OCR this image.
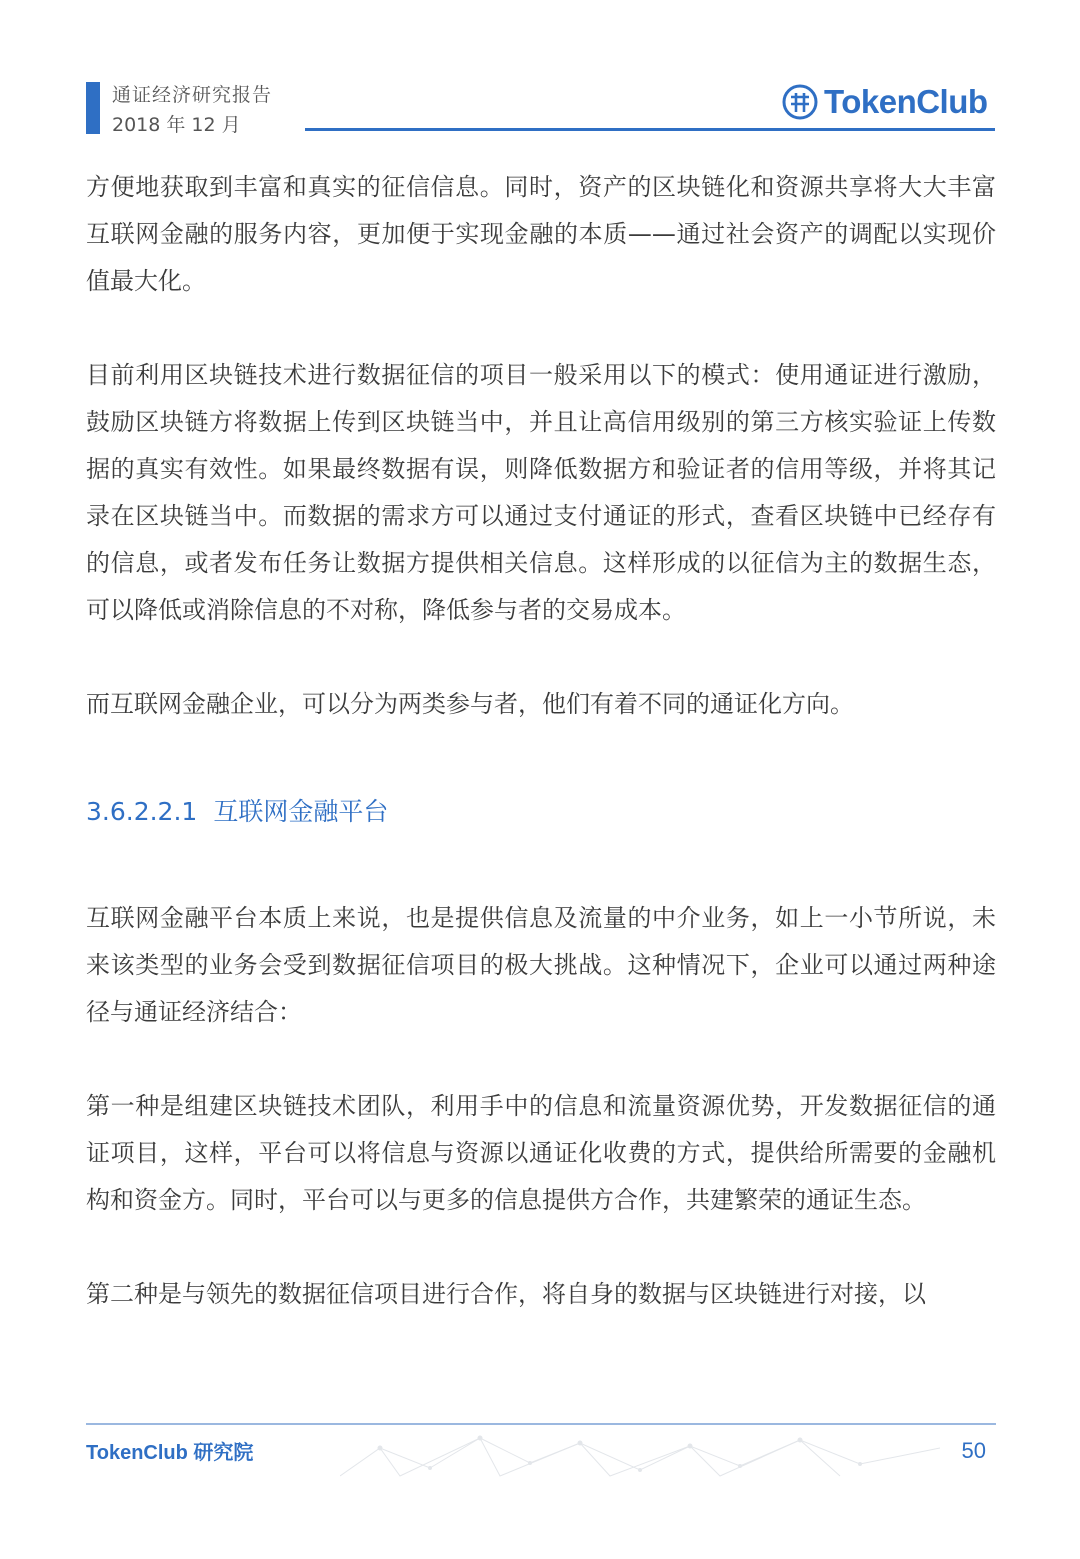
通证经济研究报告
2018 年 12 月
TokenClub

方便地获取到丰富和真实的征信信息。同时，资产的区块链化和资源共享将大大丰富互联网金融的服务内容，更加便于实现金融的本质——通过社会资产的调配以实现价值最大化。

目前利用区块链技术进行数据征信的项目一般采用以下的模式：使用通证进行激励，鼓励区块链方将数据上传到区块链当中，并且让高信用级别的第三方核实验证上传数据的真实有效性。如果最终数据有误，则降低数据方和验证者的信用等级，并将其记录在区块链当中。而数据的需求方可以通过支付通证的形式，查看区块链中已经存有的信息，或者发布任务让数据方提供相关信息。这样形成的以征信为主的数据生态，可以降低或消除信息的不对称，降低参与者的交易成本。

而互联网金融企业，可以分为两类参与者，他们有着不同的通证化方向。

3.6.2.2.1 互联网金融平台

互联网金融平台本质上来说，也是提供信息及流量的中介业务，如上一小节所说，未来该类型的业务会受到数据征信项目的极大挑战。这种情况下，企业可以通过两种途径与通证经济结合：

第一种是组建区块链技术团队，利用手中的信息和流量资源优势，开发数据征信的通证项目，这样，平台可以将信息与资源以通证化收费的方式，提供给所需要的金融机构和资金方。同时，平台可以与更多的信息提供方合作，共建繁荣的通证生态。

第二种是与领先的数据征信项目进行合作，将自身的数据与区块链进行对接，以

TokenClub 研究院	50
